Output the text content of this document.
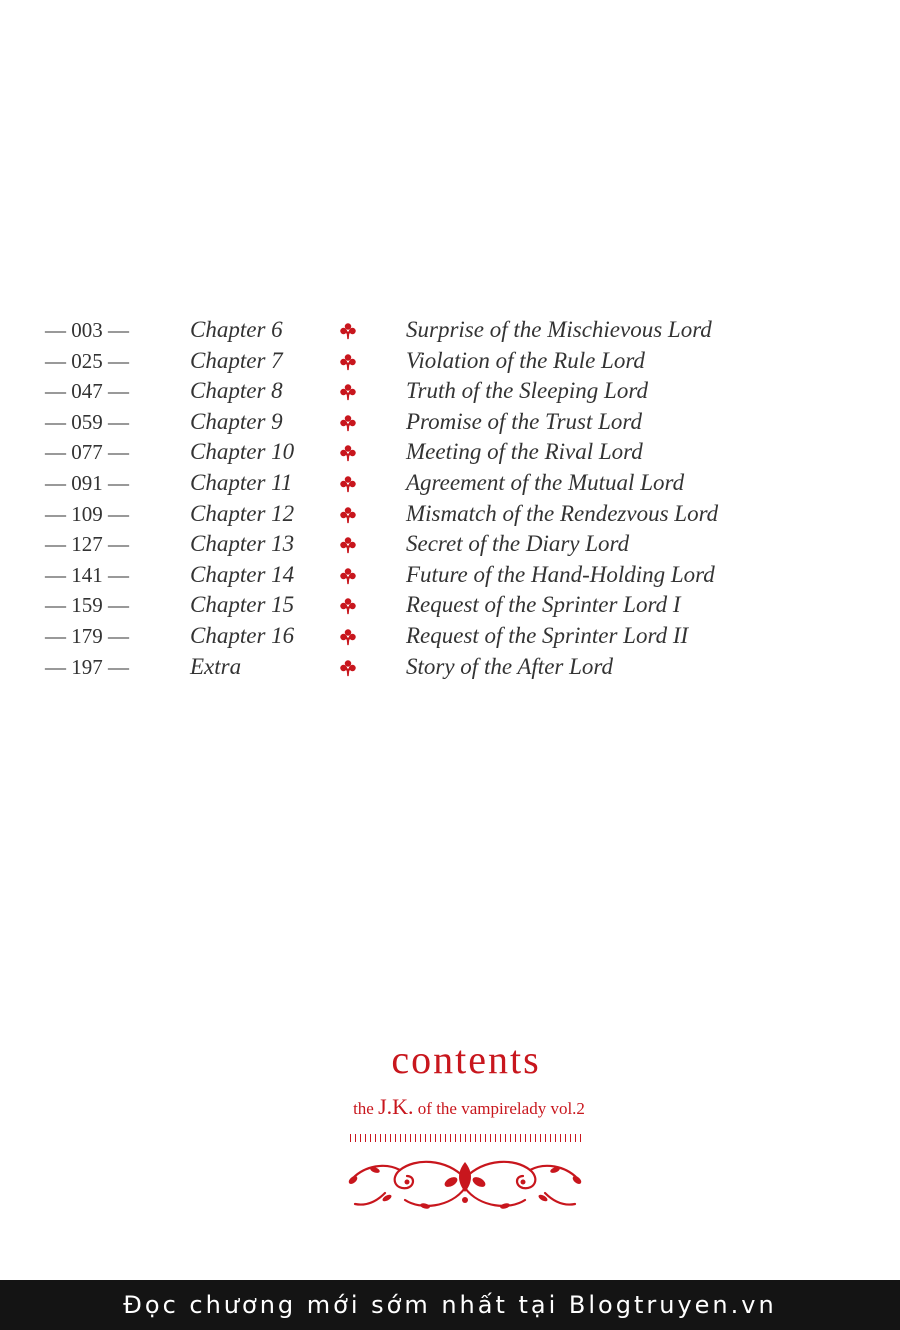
— 003 —	Chapter 6	Surprise of the Mischievous Lord
— 025 —	Chapter 7	Violation of the Rule Lord
— 047 —	Chapter 8	Truth of the Sleeping Lord
— 059 —	Chapter 9	Promise of the Trust Lord
— 077 —	Chapter 10	Meeting of the Rival Lord
— 091 —	Chapter 11	Agreement of the Mutual Lord
— 109 —	Chapter 12	Mismatch of the Rendezvous Lord
— 127 —	Chapter 13	Secret of the Diary Lord
— 141 —	Chapter 14	Future of the Hand-Holding Lord
— 159 —	Chapter 15	Request of the Sprinter Lord I
— 179 —	Chapter 16	Request of the Sprinter Lord II
— 197 —	Extra	Story of the After Lord
contents
the J.K. of the vampirelady vol.2
Đọc chương mới sớm nhất tại Blogtruyen.vn
